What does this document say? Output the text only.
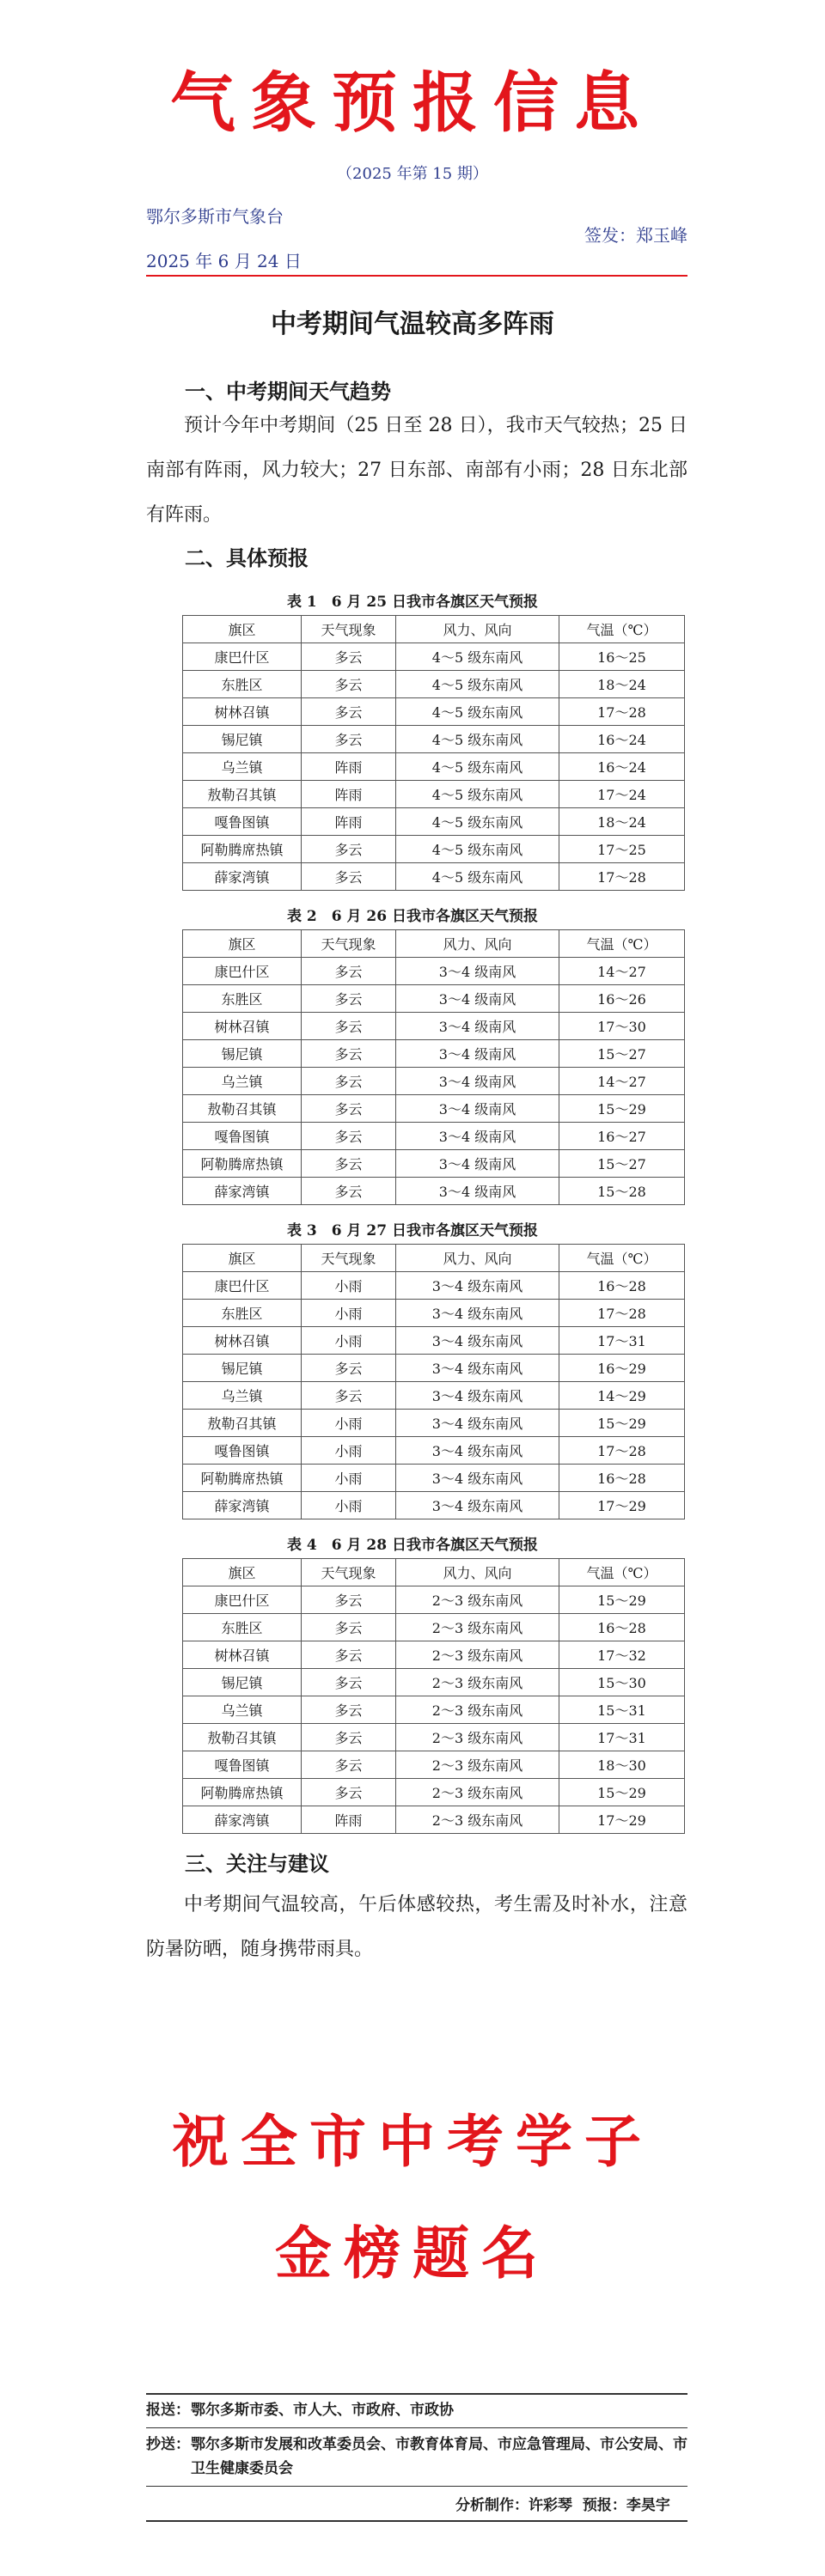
气象预报信息
（2025 年第 15 期）
鄂尔多斯市气象台
签发：郑玉峰
2025 年 6 月 24 日
中考期间气温较高多阵雨
一、中考期间天气趋势
预计今年中考期间（25 日至 28 日），我市天气较热；25 日南部有阵雨，风力较大；27 日东部、南部有小雨；28 日东北部有阵雨。
二、具体预报
表 1　6 月 25 日我市各旗区天气预报
旗区	天气现象	风力、风向	气温（℃）
康巴什区	多云	4～5 级东南风	16～25
东胜区	多云	4～5 级东南风	18～24
树林召镇	多云	4～5 级东南风	17～28
锡尼镇	多云	4～5 级东南风	16～24
乌兰镇	阵雨	4～5 级东南风	16～24
敖勒召其镇	阵雨	4～5 级东南风	17～24
嘎鲁图镇	阵雨	4～5 级东南风	18～24
阿勒腾席热镇	多云	4～5 级东南风	17～25
薛家湾镇	多云	4～5 级东南风	17～28
表 2　6 月 26 日我市各旗区天气预报
旗区	天气现象	风力、风向	气温（℃）
康巴什区	多云	3～4 级南风	14～27
东胜区	多云	3～4 级南风	16～26
树林召镇	多云	3～4 级南风	17～30
锡尼镇	多云	3～4 级南风	15～27
乌兰镇	多云	3～4 级南风	14～27
敖勒召其镇	多云	3～4 级南风	15～29
嘎鲁图镇	多云	3～4 级南风	16～27
阿勒腾席热镇	多云	3～4 级南风	15～27
薛家湾镇	多云	3～4 级南风	15～28
表 3　6 月 27 日我市各旗区天气预报
旗区	天气现象	风力、风向	气温（℃）
康巴什区	小雨	3～4 级东南风	16～28
东胜区	小雨	3～4 级东南风	17～28
树林召镇	小雨	3～4 级东南风	17～31
锡尼镇	多云	3～4 级东南风	16～29
乌兰镇	多云	3～4 级东南风	14～29
敖勒召其镇	小雨	3～4 级东南风	15～29
嘎鲁图镇	小雨	3～4 级东南风	17～28
阿勒腾席热镇	小雨	3～4 级东南风	16～28
薛家湾镇	小雨	3～4 级东南风	17～29
表 4　6 月 28 日我市各旗区天气预报
旗区	天气现象	风力、风向	气温（℃）
康巴什区	多云	2～3 级东南风	15～29
东胜区	多云	2～3 级东南风	16～28
树林召镇	多云	2～3 级东南风	17～32
锡尼镇	多云	2～3 级东南风	15～30
乌兰镇	多云	2～3 级东南风	15～31
敖勒召其镇	多云	2～3 级东南风	17～31
嘎鲁图镇	多云	2～3 级东南风	18～30
阿勒腾席热镇	多云	2～3 级东南风	15～29
薛家湾镇	阵雨	2～3 级东南风	17～29
三、关注与建议
中考期间气温较高，午后体感较热，考生需及时补水，注意防暑防晒，随身携带雨具。
祝全市中考学子
金榜题名
报送： 鄂尔多斯市委、市人大、市政府、市政协
抄送： 鄂尔多斯市发展和改革委员会、市教育体育局、市应急管理局、市公安局、市卫生健康委员会
分析制作：许彩琴 预报：李昊宇
